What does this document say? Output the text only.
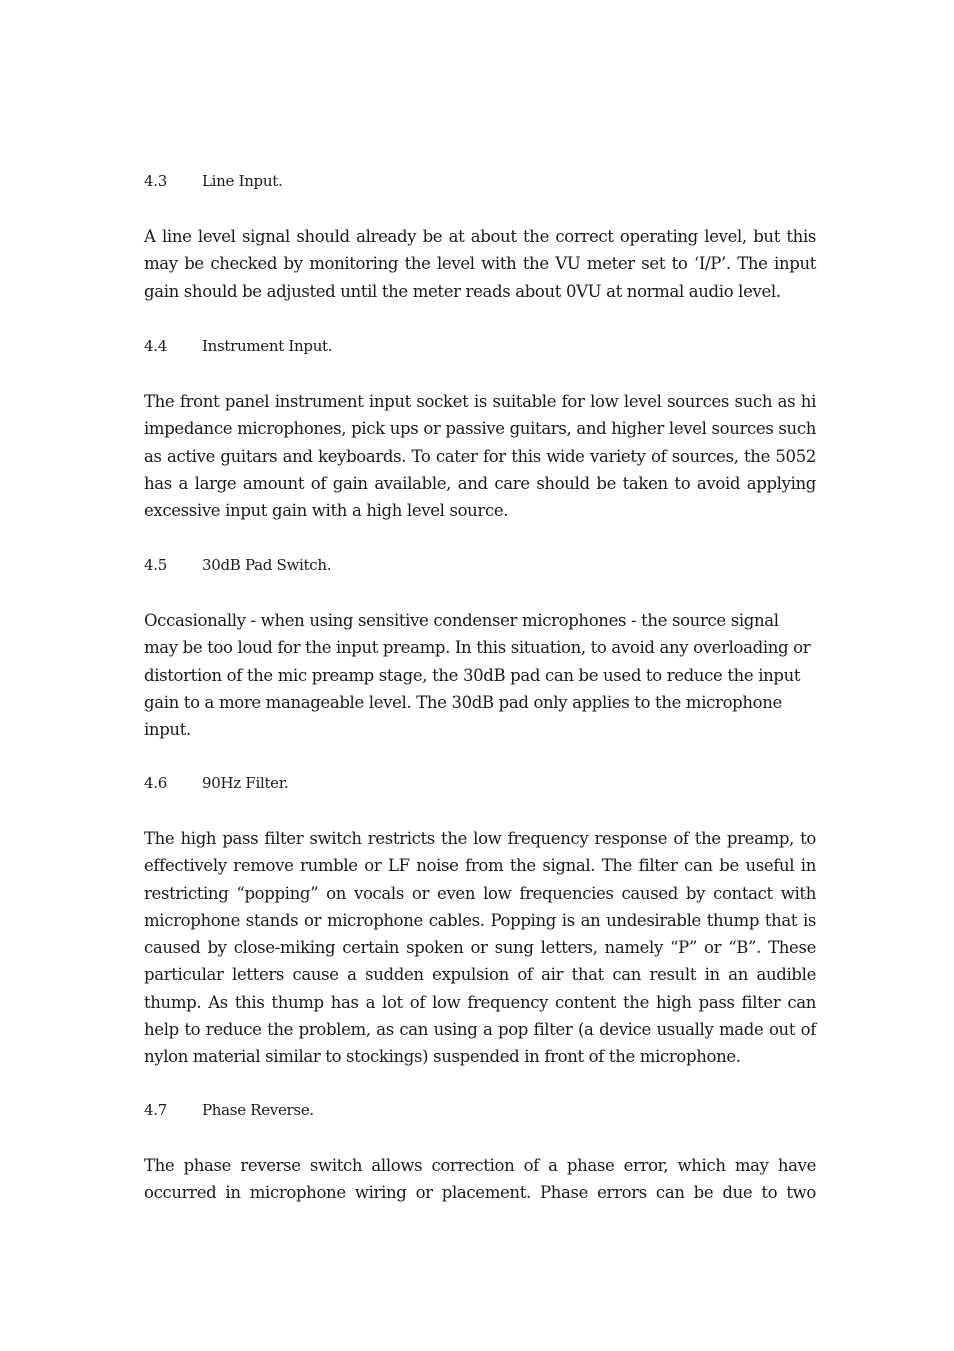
4.3	Line Input.

A line level signal should already be at about the correct operating level, but this may be checked by monitoring the level with the VU meter set to ‘I/P’. The input gain should be adjusted until the meter reads about 0VU at normal audio level.

4.4	Instrument Input.

The front panel instrument input socket is suitable for low level sources such as hi impedance microphones, pick ups or passive guitars, and higher level sources such as active guitars and keyboards. To cater for this wide variety of sources, the 5052 has a large amount of gain available, and care should be taken to avoid applying excessive input gain with a high level source.

4.5	30dB Pad Switch.

Occasionally - when using sensitive condenser microphones - the source signal may be too loud for the input preamp. In this situation, to avoid any overloading or distortion of the mic preamp stage, the 30dB pad can be used to reduce the input gain to a more manageable level. The 30dB pad only applies to the microphone input.

4.6	90Hz Filter.

The high pass filter switch restricts the low frequency response of the preamp, to effectively remove rumble or LF noise from the signal. The filter can be useful in restricting “popping” on vocals or even low frequencies caused by contact with microphone stands or microphone cables. Popping is an undesirable thump that is caused by close-miking certain spoken or sung letters, namely “P” or “B”. These particular letters cause a sudden expulsion of air that can result in an audible thump. As this thump has a lot of low frequency content the high pass filter can help to reduce the problem, as can using a pop filter (a device usually made out of nylon material similar to stockings) suspended in front of the microphone.

4.7	Phase Reverse.

The phase reverse switch allows correction of a phase error, which may have occurred in microphone wiring or placement. Phase errors can be due to two
